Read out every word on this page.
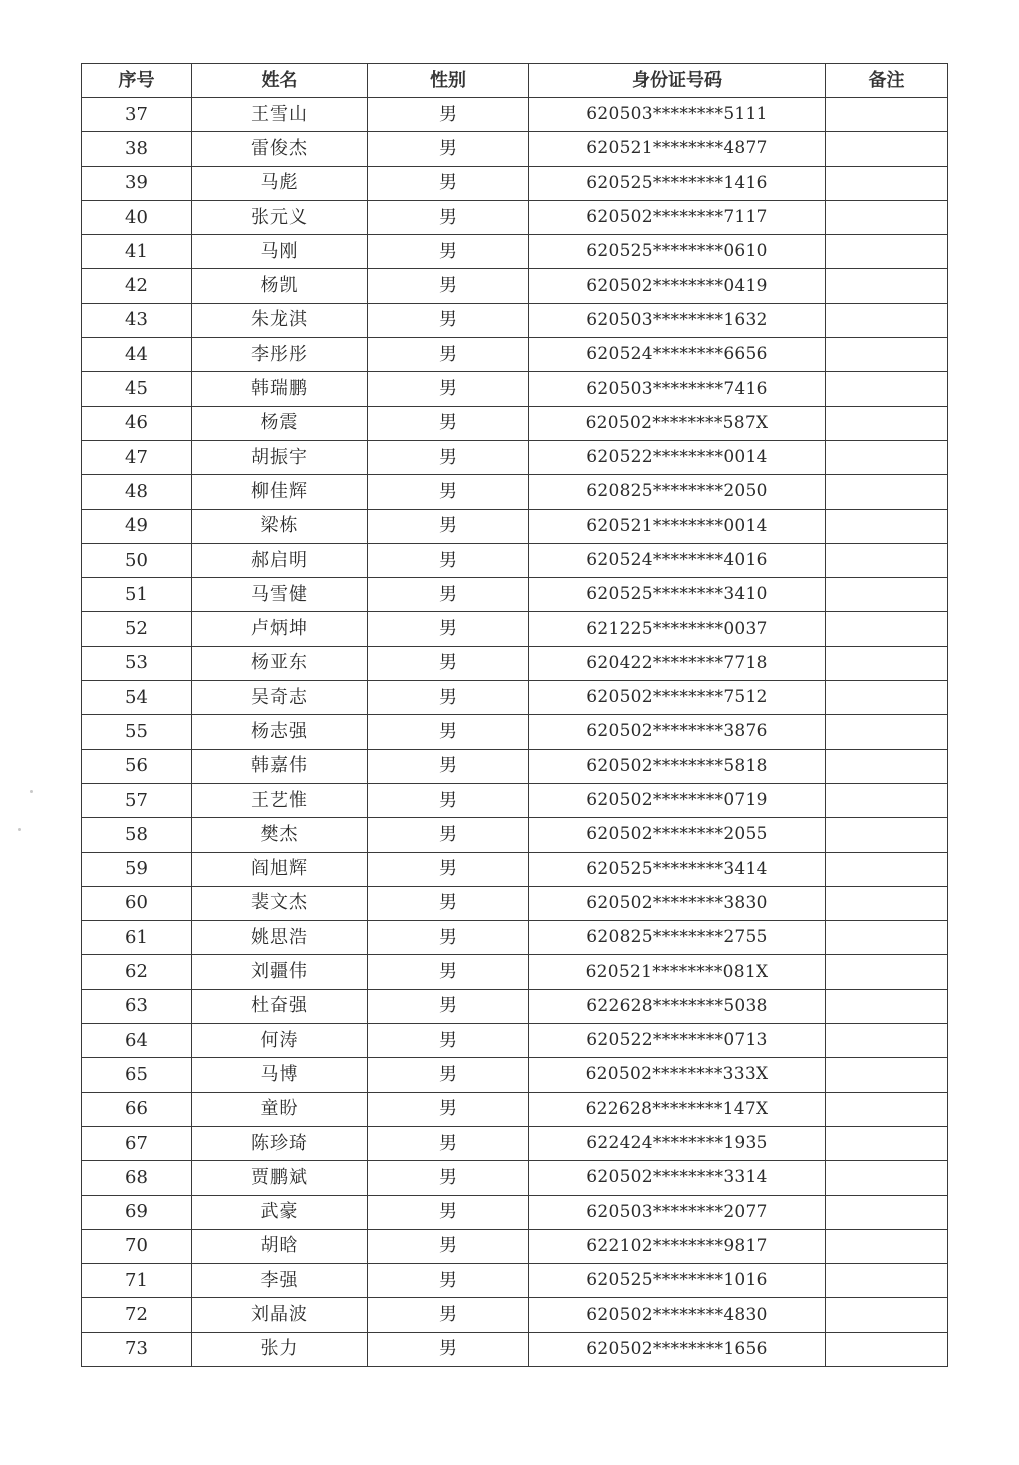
序号	姓名	性别	身份证号码	备注
37	王雪山	男	620503********5111	
38	雷俊杰	男	620521********4877	
39	马彪	男	620525********1416	
40	张元义	男	620502********7117	
41	马刚	男	620525********0610	
42	杨凯	男	620502********0419	
43	朱龙淇	男	620503********1632	
44	李彤彤	男	620524********6656	
45	韩瑞鹏	男	620503********7416	
46	杨震	男	620502********587X	
47	胡振宇	男	620522********0014	
48	柳佳辉	男	620825********2050	
49	梁栋	男	620521********0014	
50	郝启明	男	620524********4016	
51	马雪健	男	620525********3410	
52	卢炳坤	男	621225********0037	
53	杨亚东	男	620422********7718	
54	吴奇志	男	620502********7512	
55	杨志强	男	620502********3876	
56	韩嘉伟	男	620502********5818	
57	王艺惟	男	620502********0719	
58	樊杰	男	620502********2055	
59	阎旭辉	男	620525********3414	
60	裴文杰	男	620502********3830	
61	姚思浩	男	620825********2755	
62	刘疆伟	男	620521********081X	
63	杜奋强	男	622628********5038	
64	何涛	男	620522********0713	
65	马博	男	620502********333X	
66	童盼	男	622628********147X	
67	陈珍琦	男	622424********1935	
68	贾鹏斌	男	620502********3314	
69	武豪	男	620503********2077	
70	胡晗	男	622102********9817	
71	李强	男	620525********1016	
72	刘晶波	男	620502********4830	
73	张力	男	620502********1656	
